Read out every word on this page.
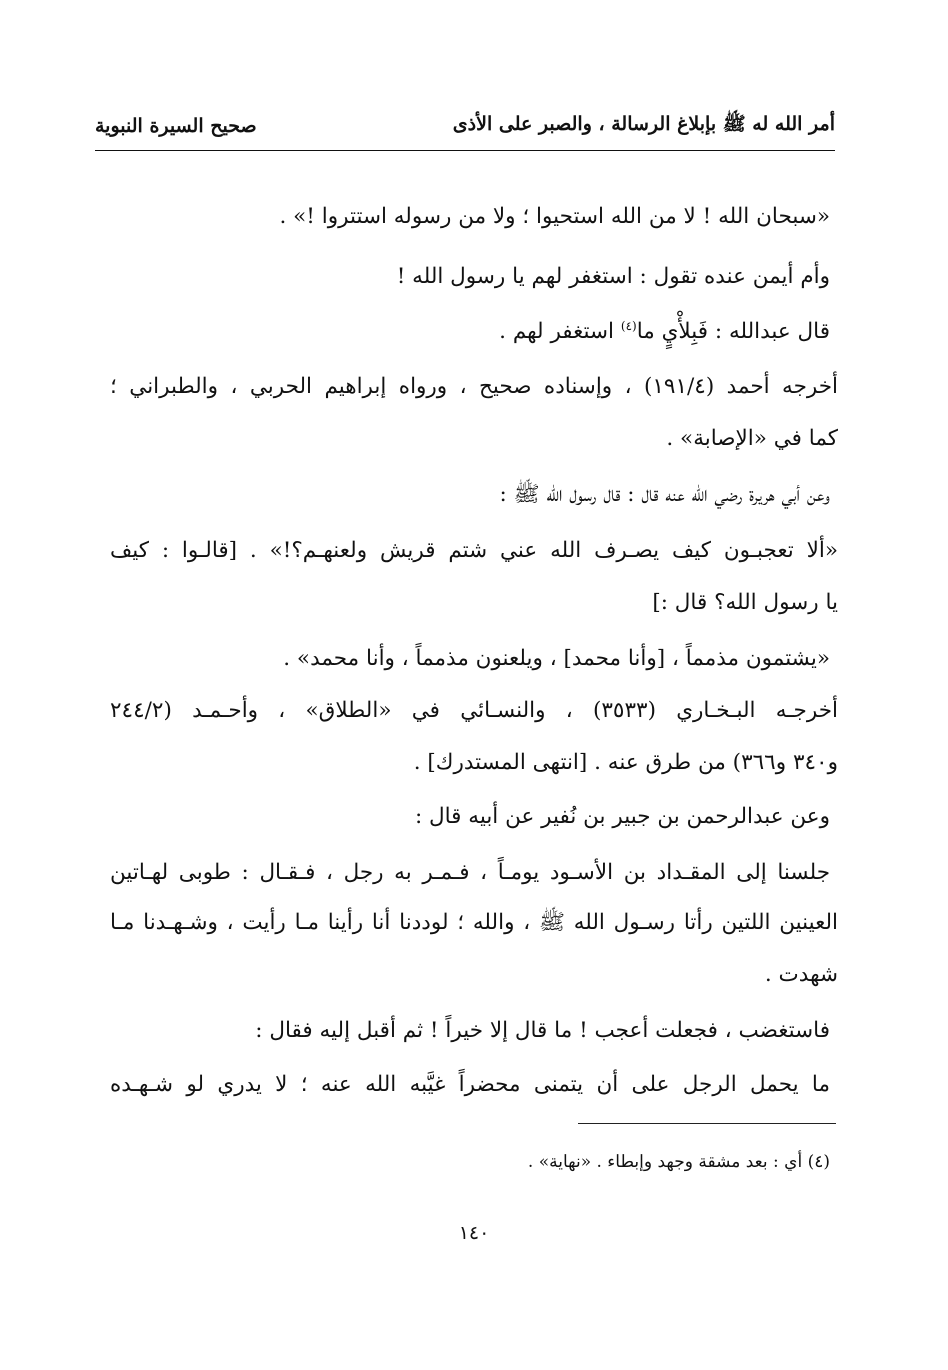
صحيح السيرة النبوية	أمر الله له ﷺ بإبلاغ الرسالة ، والصبر على الأذى
«سبحان الله ! لا من الله استحيوا ؛ ولا من رسوله استتروا !» .
وأم أيمن عنده تقول : استغفر لهم يا رسول الله !
قال عبدالله : فَبِلأْيٍ ما$^{(٤)}$ استغفر لهم .
أخرجه أحمد (١٩١/٤) ، وإسناده صحيح ، ورواه إبراهيم الحربي ، والطبراني ؛
كما في «الإصابة» .
وعن أبي هريرة رضي الله عنه قال : قال رسول الله ﷺ :
«ألا تعجبـون كيف يصـرف الله عني شتم قريش ولعنهـم؟!» . [قالـوا : كيف
يا رسول الله؟ قال :]
«يشتمون مذمماً ، [وأنا محمد] ، ويلعنون مذمماً ، وأنا محمد» .
أخرجـه البـخـاري (٣٥٣٣) ، والنسـائي في «الطلاق» ، وأحـمـد (٢٤٤/٢
و٣٤٠ و٣٦٦) من طرق عنه . [انتهى المستدرك] .
وعن عبدالرحمن بن جبير بن نُفير عن أبيه قال :
جلسنا إلى المقـداد بن الأسـود يومـاً ، فـمـر به رجل ، فـقـال : طوبى لهـاتين
العينين اللتين رأتا رسـول الله ﷺ ، والله ؛ لوددنا أنا رأينا مـا رأيت ، وشـهـدنا مـا
شهدت .
فاستغضب ، فجعلت أعجب ! ما قال إلا خيراً ! ثم أقبل إليه فقال :
ما يحمل الرجل على أن يتمنى محضراً غيَّبه الله عنه ؛ لا يدري لو شـهـده
(٤) أي : بعد مشقة وجهد وإبطاء . «نهاية» .
١٤٠
